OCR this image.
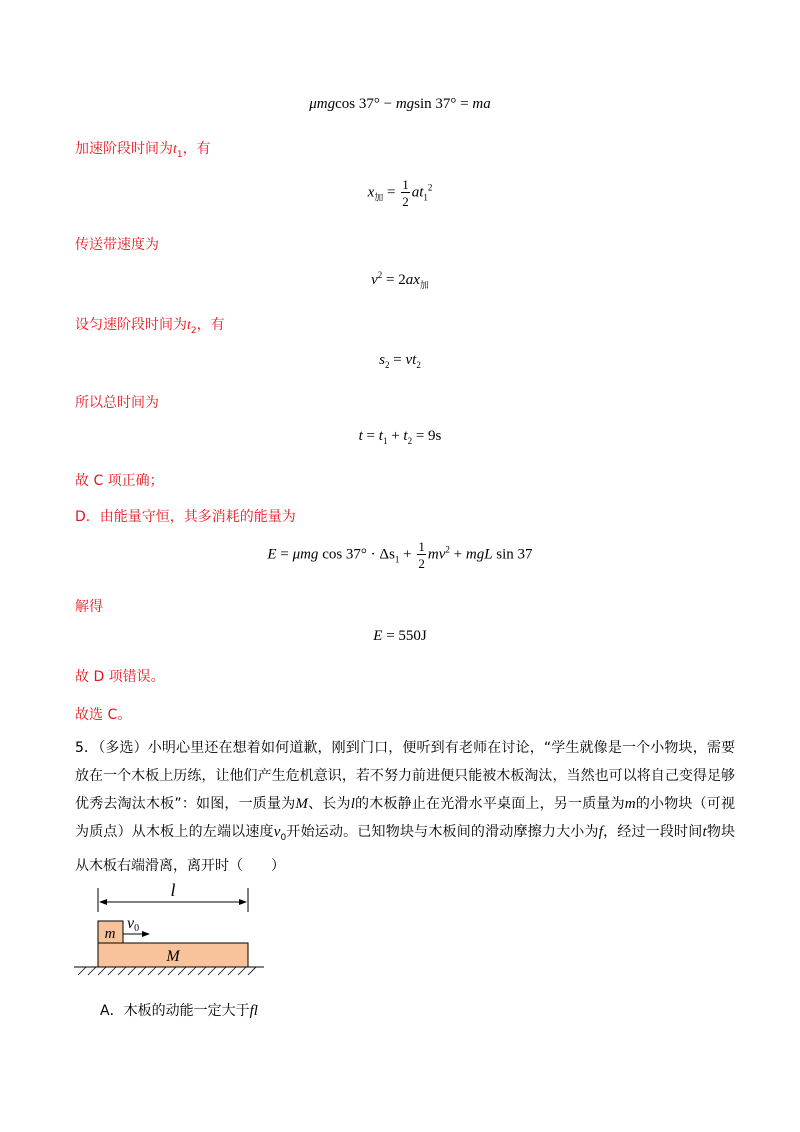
μmgcos 37° − mgsin 37° = ma
加速阶段时间为$t_1$，有
$x_加 = \frac{1}{2} at_1^2$
传送带速度为
$v^2 = 2ax_加$
设匀速阶段时间为$t_2$，有
$s_2 = vt_2$
所以总时间为
$t = t_1 + t_2 = 9s$
故 C 项正确；
D．由能量守恒，其多消耗的能量为
E = μmg $\cos 37^\circ \cdot \Delta s_1 + \frac{1}{2} mv^2$ + mgL sin 37
解得
E = 550J
故 D 项错误。
故选 C。
5．（多选）小明心里还在想着如何道歉，刚到门口，便听到有老师在讨论，“学生就像是一个小物块，需要放在一个木板上历练，让他们产生危机意识，若不努力前进便只能被木板淘汰，当然也可以将自己变得足够优秀去淘汰木板”：如图，一质量为M、长为l的木板静止在光滑水平桌面上，另一质量为m的小物块（可视为质点）从木板上的左端以速度$v_0$开始运动。已知物块与木板间的滑动摩擦力大小为f，经过一段时间t物块从木板右端滑离，离开时（　　）
l
m
v0
M
A．木板的动能一定大于fl
